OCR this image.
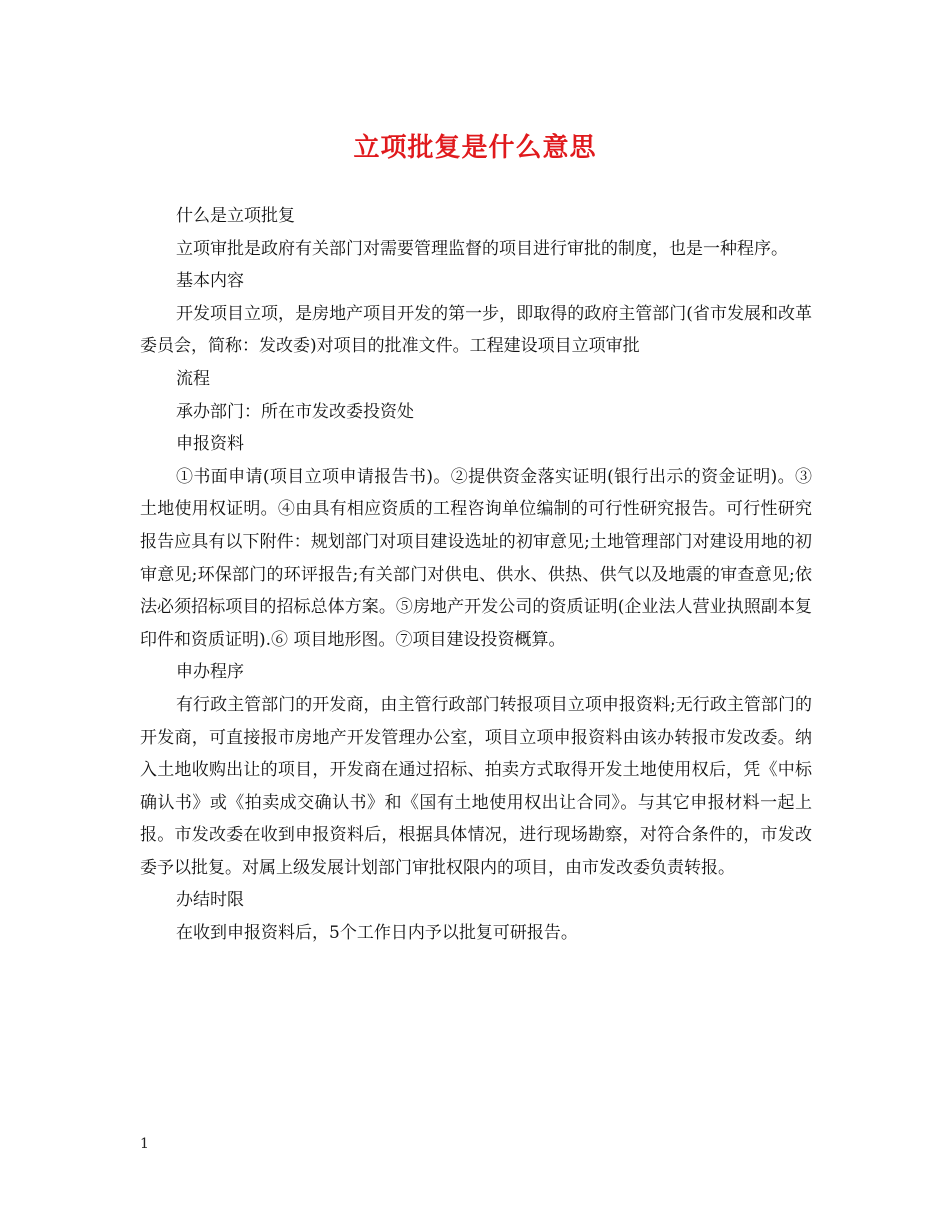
立项批复是什么意思

什么是立项批复

立项审批是政府有关部门对需要管理监督的项目进行审批的制度，也是一种程序。

基本内容

开发项目立项，是房地产项目开发的第一步，即取得的政府主管部门(省市发展和改革委员会，简称：发改委)对项目的批准文件。工程建设项目立项审批

流程

承办部门：所在市发改委投资处

申报资料

①书面申请(项目立项申请报告书)。②提供资金落实证明(银行出示的资金证明)。③土地使用权证明。④由具有相应资质的工程咨询单位编制的可行性研究报告。可行性研究报告应具有以下附件：规划部门对项目建设选址的初审意见;土地管理部门对建设用地的初审意见;环保部门的环评报告;有关部门对供电、供水、供热、供气以及地震的审查意见;依法必须招标项目的招标总体方案。⑤房地产开发公司的资质证明(企业法人营业执照副本复印件和资质证明).⑥ 项目地形图。⑦项目建设投资概算。

申办程序

有行政主管部门的开发商，由主管行政部门转报项目立项申报资料;无行政主管部门的开发商，可直接报市房地产开发管理办公室，项目立项申报资料由该办转报市发改委。纳入土地收购出让的项目，开发商在通过招标、拍卖方式取得开发土地使用权后，凭《中标确认书》或《拍卖成交确认书》和《国有土地使用权出让合同》。与其它申报材料一起上报。市发改委在收到申报资料后，根据具体情况，进行现场勘察，对符合条件的，市发改委予以批复。对属上级发展计划部门审批权限内的项目，由市发改委负责转报。

办结时限

在收到申报资料后，5个工作日内予以批复可研报告。

1
